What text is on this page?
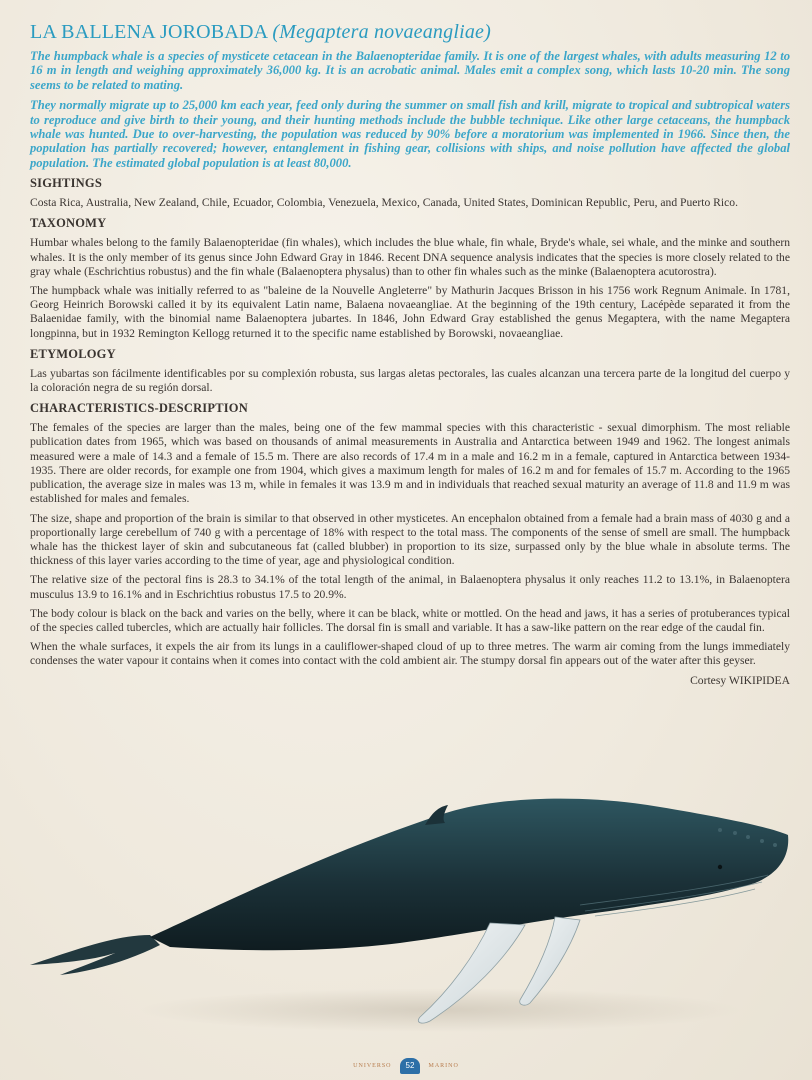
LA BALLENA JOROBADA (Megaptera novaeangliae)

The humpback whale is a species of mysticete cetacean in the Balaenopteridae family. It is one of the largest whales, with adults measuring 12 to 16 m in length and weighing approximately 36,000 kg. It is an acrobatic animal. Males emit a complex song, which lasts 10-20 min. The song seems to be related to mating.

They normally migrate up to 25,000 km each year, feed only during the summer on small fish and krill, migrate to tropical and subtropical waters to reproduce and give birth to their young, and their hunting methods include the bubble technique. Like other large cetaceans, the humpback whale was hunted. Due to over-harvesting, the population was reduced by 90% before a moratorium was implemented in 1966. Since then, the population has partially recovered; however, entanglement in fishing gear, collisions with ships, and noise pollution have affected the global population. The estimated global population is at least 80,000.

SIGHTINGS

Costa Rica, Australia, New Zealand, Chile, Ecuador, Colombia, Venezuela, Mexico, Canada, United States, Dominican Republic, Peru, and Puerto Rico.

TAXONOMY

Humbar whales belong to the family Balaenopteridae (fin whales), which includes the blue whale, fin whale, Bryde's whale, sei whale, and the minke and southern whales. It is the only member of its genus since John Edward Gray in 1846. Recent DNA sequence analysis indicates that the species is more closely related to the gray whale (Eschrichtius robustus) and the fin whale (Balaenoptera physalus) than to other fin whales such as the minke (Balaenoptera acutorostra).

The humpback whale was initially referred to as "baleine de la Nouvelle Angleterre" by Mathurin Jacques Brisson in his 1756 work Regnum Animale. In 1781, Georg Heinrich Borowski called it by its equivalent Latin name, Balaena novaeangliae. At the beginning of the 19th century, Lacépède separated it from the Balaenidae family, with the binomial name Balaenoptera jubartes. In 1846, John Edward Gray established the genus Megaptera, with the name Megaptera longpinna, but in 1932 Remington Kellogg returned it to the specific name established by Borowski, novaeangliae.

ETYMOLOGY

Las yubartas son fácilmente identificables por su complexión robusta, sus largas aletas pectorales, las cuales alcanzan una tercera parte de la longitud del cuerpo y la coloración negra de su región dorsal.

CHARACTERISTICS-DESCRIPTION

The females of the species are larger than the males, being one of the few mammal species with this characteristic - sexual dimorphism. The most reliable publication dates from 1965, which was based on thousands of animal measurements in Australia and Antarctica between 1949 and 1962. The longest animals measured were a male of 14.3 and a female of 15.5 m. There are also records of 17.4 m in a male and 16.2 m in a female, captured in Antarctica between 1934-1935. There are older records, for example one from 1904, which gives a maximum length for males of 16.2 m and for females of 15.7 m. According to the 1965 publication, the average size in males was 13 m, while in females it was 13.9 m and in individuals that reached sexual maturity an average of 11.8 and 11.9 m was established for males and females.

The size, shape and proportion of the brain is similar to that observed in other mysticetes. An encephalon obtained from a female had a brain mass of 4030 g and a proportionally large cerebellum of 740 g with a percentage of 18% with respect to the total mass. The components of the sense of smell are small. The humpback whale has the thickest layer of skin and subcutaneous fat (called blubber) in proportion to its size, surpassed only by the blue whale in absolute terms. The thickness of this layer varies according to the time of year, age and physiological condition.

The relative size of the pectoral fins is 28.3 to 34.1% of the total length of the animal, in Balaenoptera physalus it only reaches 11.2 to 13.1%, in Balaenoptera musculus 13.9 to 16.1% and in Eschrichtius robustus 17.5 to 20.9%.

The body colour is black on the back and varies on the belly, where it can be black, white or mottled. On the head and jaws, it has a series of protuberances typical of the species called tubercles, which are actually hair follicles. The dorsal fin is small and variable. It has a saw-like pattern on the rear edge of the caudal fin.

When the whale surfaces, it expels the air from its lungs in a cauliflower-shaped cloud of up to three metres. The warm air coming from the lungs immediately condenses the water vapour it contains when it comes into contact with the cold ambient air. The stumpy dorsal fin appears out of the water after this geyser.

Cortesy WIKIPIDEA
UNIVERSO 52 MARINO
